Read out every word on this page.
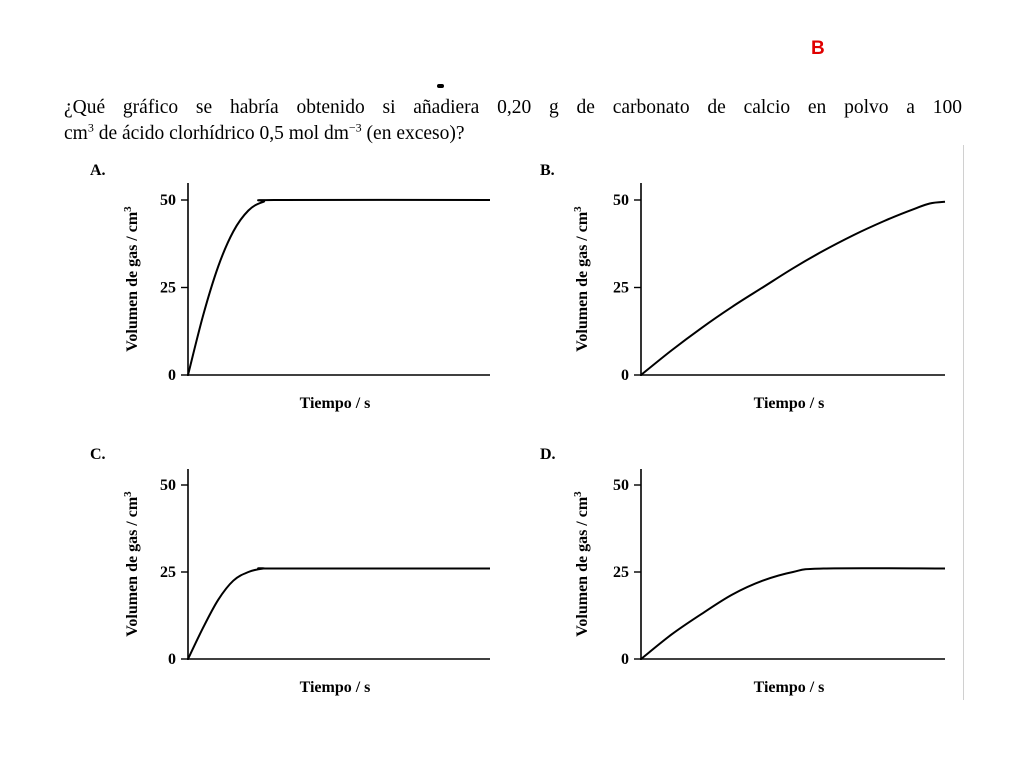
B
¿Qué gráfico se habría obtenido si añadiera 0,20 g de carbonato de calcio en polvo a 100
$cm^3$ de ácido clorhídrico 0,5 mol $dm^{-3}$ (en exceso)?
A.
0
25
50
Volumen de gas / $cm^3$
Tiempo / s
B.
0
25
50
Volumen de gas / $cm^3$
Tiempo / s
C.
0
25
50
Volumen de gas / $cm^3$
Tiempo / s
D.
0
25
50
Volumen de gas / $cm^3$
Tiempo / s
